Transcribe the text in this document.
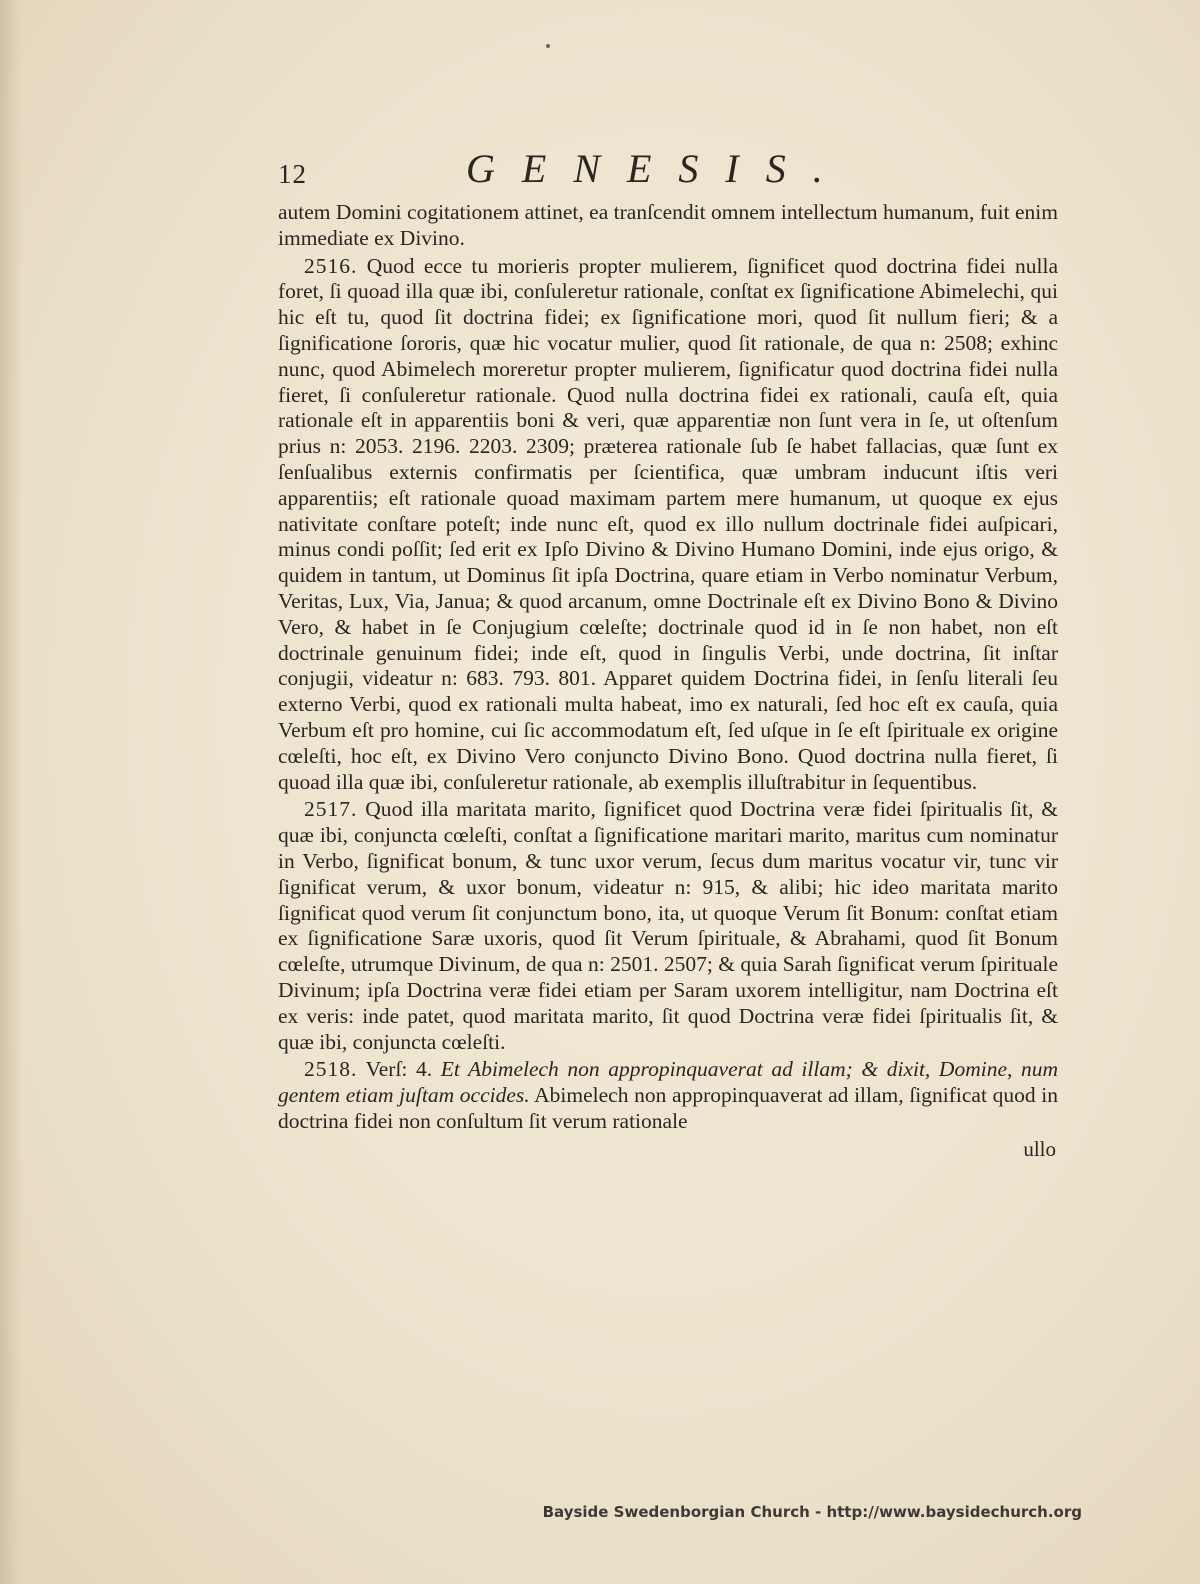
12	GENESIS.

autem Domini cogitationem attinet, ea tranſcendit omnem intellectum humanum, fuit enim immediate ex Divino.

2516. Quod ecce tu morieris propter mulierem, ſignificet quod doctrina fidei nulla foret, ſi quoad illa quæ ibi, conſuleretur rationale, conſtat ex ſignificatione Abimelechi, qui hic eſt tu, quod ſit doctrina fidei; ex ſignificatione mori, quod ſit nullum fieri; & a ſignificatione ſororis, quæ hic vocatur mulier, quod ſit rationale, de qua n: 2508; exhinc nunc, quod Abimelech moreretur propter mulierem, ſignificatur quod doctrina fidei nulla fieret, ſi conſuleretur rationale. Quod nulla doctrina fidei ex rationali, cauſa eſt, quia rationale eſt in apparentiis boni & veri, quæ apparentiæ non ſunt vera in ſe, ut oſtenſum prius n: 2053. 2196. 2203. 2309; præterea rationale ſub ſe habet fallacias, quæ ſunt ex ſenſualibus externis confirmatis per ſcientifica, quæ umbram inducunt iſtis veri apparentiis; eſt rationale quoad maximam partem mere humanum, ut quoque ex ejus nativitate conſtare poteſt; inde nunc eſt, quod ex illo nullum doctrinale fidei auſpicari, minus condi poſſit; ſed erit ex Ipſo Divino & Divino Humano Domini, inde ejus origo, & quidem in tantum, ut Dominus ſit ipſa Doctrina, quare etiam in Verbo nominatur Verbum, Veritas, Lux, Via, Janua; & quod arcanum, omne Doctrinale eſt ex Divino Bono & Divino Vero, & habet in ſe Conjugium cœleſte; doctrinale quod id in ſe non habet, non eſt doctrinale genuinum fidei; inde eſt, quod in ſingulis Verbi, unde doctrina, ſit inſtar conjugii, videatur n: 683. 793. 801. Apparet quidem Doctrina fidei, in ſenſu literali ſeu externo Verbi, quod ex rationali multa habeat, imo ex naturali, ſed hoc eſt ex cauſa, quia Verbum eſt pro homine, cui ſic accommodatum eſt, ſed uſque in ſe eſt ſpirituale ex origine cœleſti, hoc eſt, ex Divino Vero conjuncto Divino Bono. Quod doctrina nulla fieret, ſi quoad illa quæ ibi, conſuleretur rationale, ab exemplis illuſtrabitur in ſequentibus.

2517. Quod illa maritata marito, ſignificet quod Doctrina veræ fidei ſpiritualis ſit, & quæ ibi, conjuncta cœleſti, conſtat a ſignificatione maritari marito, maritus cum nominatur in Verbo, ſignificat bonum, & tunc uxor verum, ſecus dum maritus vocatur vir, tunc vir ſignificat verum, & uxor bonum, videatur n: 915, & alibi; hic ideo maritata marito ſignificat quod verum ſit conjunctum bono, ita, ut quoque Verum ſit Bonum: conſtat etiam ex ſignificatione Saræ uxoris, quod ſit Verum ſpirituale, & Abrahami, quod ſit Bonum cœleſte, utrumque Divinum, de qua n: 2501. 2507; & quia Sarah ſignificat verum ſpirituale Divinum; ipſa Doctrina veræ fidei etiam per Saram uxorem intelligitur, nam Doctrina eſt ex veris: inde patet, quod maritata marito, ſit quod Doctrina veræ fidei ſpiritualis ſit, & quæ ibi, conjuncta cœleſti.

2518. Verſ: 4. Et Abimelech non appropinquaverat ad illam; & dixit, Domine, num gentem etiam juſtam occides. Abimelech non appropinquaverat ad illam, ſignificat quod in doctrina fidei non conſultum ſit verum rationale

ullo

Bayside Swedenborgian Church - http://www.baysidechurch.org
